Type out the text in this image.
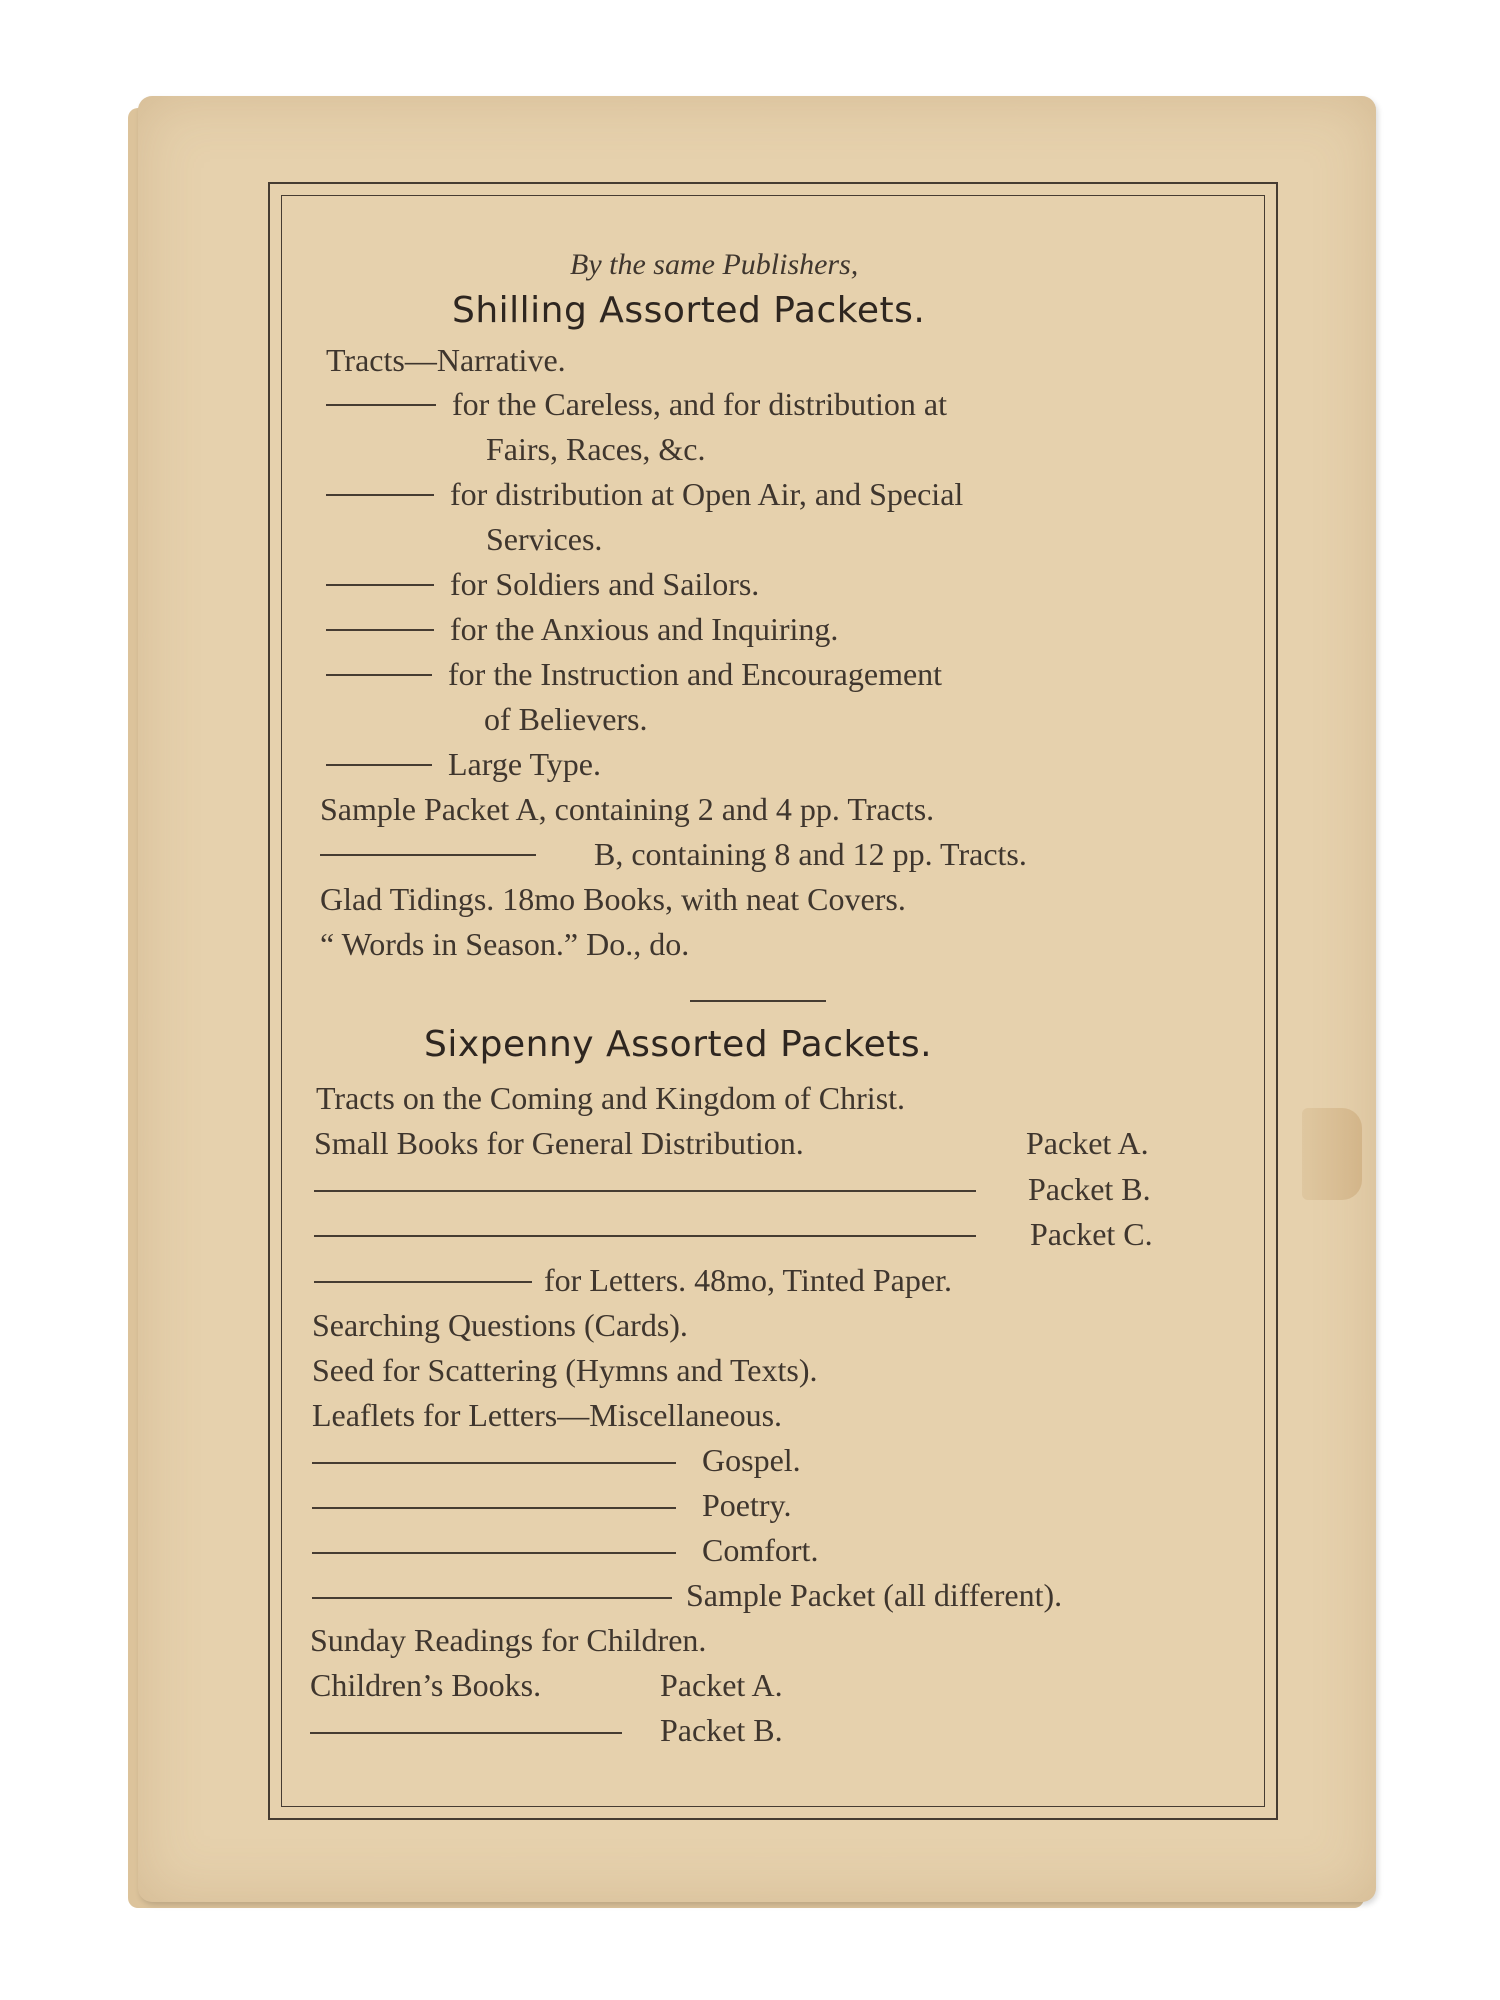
By the same Publishers,
Shilling Assorted Packets.
Tracts—Narrative.
for the Careless, and for distribution at
Fairs, Races, &c.
for distribution at Open Air, and Special
Services.
for Soldiers and Sailors.
for the Anxious and Inquiring.
for the Instruction and Encouragement
of Believers.
Large Type.
Sample Packet A, containing 2 and 4 pp. Tracts.
B, containing 8 and 12 pp. Tracts.
Glad Tidings. 18mo Books, with neat Covers.
“ Words in Season.” Do., do.
Sixpenny Assorted Packets.
Tracts on the Coming and Kingdom of Christ.
Small Books for General Distribution.	Packet A.
Packet B.
Packet C.
for Letters. 48mo, Tinted Paper.
Searching Questions (Cards).
Seed for Scattering (Hymns and Texts).
Leaflets for Letters—Miscellaneous.
Gospel.
Poetry.
Comfort.
Sample Packet (all different).
Sunday Readings for Children.
Children’s Books.	Packet A.
Packet B.
